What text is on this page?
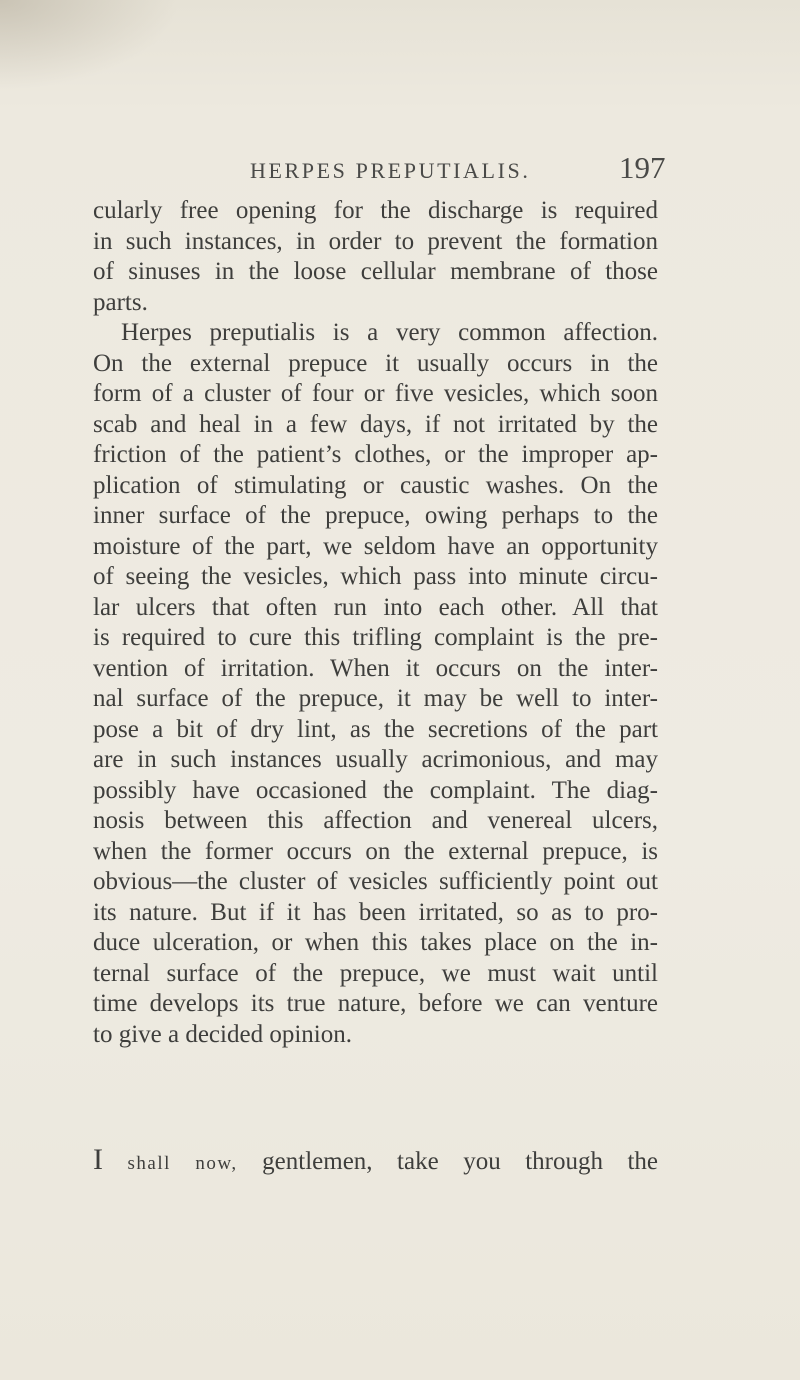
HERPES PREPUTIALIS.	197
cularly free opening for the discharge is required
in such instances, in order to prevent the formation
of sinuses in the loose cellular membrane of those
parts.
Herpes preputialis is a very common affection.
On the external prepuce it usually occurs in the
form of a cluster of four or five vesicles, which soon
scab and heal in a few days, if not irritated by the
friction of the patient’s clothes, or the improper ap-
plication of stimulating or caustic washes. On the
inner surface of the prepuce, owing perhaps to the
moisture of the part, we seldom have an opportunity
of seeing the vesicles, which pass into minute circu-
lar ulcers that often run into each other. All that
is required to cure this trifling complaint is the pre-
vention of irritation. When it occurs on the inter-
nal surface of the prepuce, it may be well to inter-
pose a bit of dry lint, as the secretions of the part
are in such instances usually acrimonious, and may
possibly have occasioned the complaint. The diag-
nosis between this affection and venereal ulcers,
when the former occurs on the external prepuce, is
obvious—the cluster of vesicles sufficiently point out
its nature. But if it has been irritated, so as to pro-
duce ulceration, or when this takes place on the in-
ternal surface of the prepuce, we must wait until
time develops its true nature, before we can venture
to give a decided opinion.
I shall now, gentlemen, take you through the
